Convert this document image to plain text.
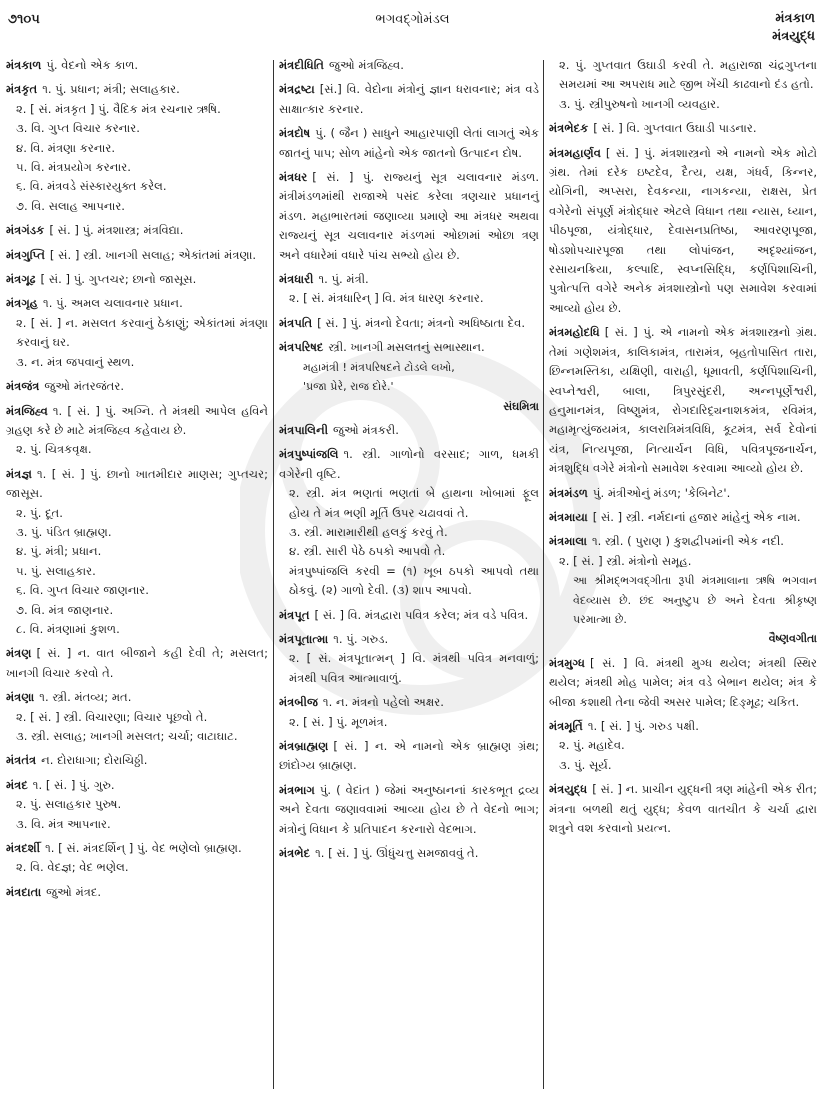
૭૧૦૫	ભગવદ્ગોમંડલ	મંત્રકાળ
મંત્રયુદ્ધ
મંત્રકાળ પું. વેદનો એક કાળ.
મંત્રકૃત ૧. પું. પ્રધાન; મંત્રી; સલાહકાર.
૨. [ સં. મંત્રકૃત ] પું. વૈદિક મંત્ર રચનાર ઋષિ.
૩. વિ. ગુપ્ત વિચાર કરનાર.
૪. વિ. મંત્રણા કરનાર.
૫. વિ. મંત્રપ્રયોગ કરનાર.
૬. વિ. મંત્રવડે સંસ્કારયુક્ત કરેલ.
૭. વિ. સલાહ આપનાર.
મંત્રગંડક [ સં. ] પું. મંત્રશાસ્ત્ર; મંત્રવિદ્યા.
મંત્રગુપ્તિ [ સં. ] સ્ત્રી. ખાનગી સલાહ; એકાંતમાં મંત્રણા.
મંત્રગૂઢ [ સં. ] પું. ગુપ્તચર; છાનો જાસૂસ.
મંત્રગૃહ ૧. પું. અમલ ચલાવનાર પ્રધાન.
૨. [ સં. ] ન. મસલત કરવાનું ઠેકાણું; એકાંતમાં મંત્રણા કરવાનું ઘર.
૩. ન. મંત્ર જપવાનું સ્થળ.
મંત્રજંત્ર જુઓ મંતરજંતર.
મંત્રજિહ્વ ૧. [ સં. ] પું. અગ્નિ. તે મંત્રથી આપેલ હવિને ગ્રહણ કરે છે માટે મંત્રજિહ્વ કહેવાય છે.
૨. પું. ચિત્રકવૃક્ષ.
મંત્રજ્ઞ ૧. [ સં. ] પું. છાનો ખાતમીદાર માણસ; ગુપ્તચર; જાસૂસ.
૨. પું. દૂત.
૩. પું. પંડિત બ્રાહ્મણ.
૪. પું. મંત્રી; પ્રધાન.
૫. પું. સલાહકાર.
૬. વિ. ગુપ્ત વિચાર જાણનાર.
૭. વિ. મંત્ર જાણનાર.
૮. વિ. મંત્રણામાં કુશળ.
મંત્રણ [ સં. ] ન. વાત બીજાને કહી દેવી તે; મસલત; ખાનગી વિચાર કરવો તે.
મંત્રણા ૧. સ્ત્રી. મંતવ્ય; મત.
૨. [ સં. ] સ્ત્રી. વિચારણા; વિચાર પૂછવો તે.
૩. સ્ત્રી. સલાહ; ખાનગી મસલત; ચર્ચા; વાટાઘાટ.
મંત્રતંત્ર ન. દોરાધાગા; દોરાચિઠ્ઠી.
મંત્રદ ૧. [ સં. ] પું. ગુરુ.
૨. પું. સલાહકાર પુરુષ.
૩. વિ. મંત્ર આપનાર.
મંત્રદર્શી ૧. [ સં. મંત્રદર્શિન્ ] પું. વેદ ભણેલો બ્રાહ્મણ.
૨. વિ. વેદજ્ઞ; વેદ ભણેલ.
મંત્રદાતા જુઓ મંત્રદ.
મંત્રદીધિતિ જુઓ મંત્રજિહ્વ.
મંત્રદ્રષ્ટા [સં.] વિ. વેદોના મંત્રોનું જ્ઞાન ધરાવનાર; મંત્ર વડે સાક્ષાત્કાર કરનાર.
મંત્રદોષ પું. ( જૈન ) સાધુને આહારપાણી લેતાં લાગતું એક જાતનું પાપ; સોળ માંહેનો એક જાતનો ઉત્પાદન દોષ.
મંત્રધર [ સં. ] પું. રાજ્યનું સૂત્ર ચલાવનાર મંડળ. મંત્રીમંડળમાંથી રાજાએ પસંદ કરેલા ત્રણચાર પ્રધાનનું મંડળ. મહાભારતમાં જણાવ્યા પ્રમાણે આ મંત્રધર અથવા રાજ્યનું સૂત્ર ચલાવનાર મંડળમાં ઓછામાં ઓછા ત્રણ અને વધારેમાં વધારે પાંચ સભ્યો હોય છે.
મંત્રધારી ૧. પું. મંત્રી.
૨. [ સં. મંત્રધારિન્ ] વિ. મંત્ર ધારણ કરનાર.
મંત્રપતિ [ સં. ] પું. મંત્રનો દેવતા; મંત્રનો અધિષ્ઠાતા દેવ.
મંત્રપરિષદ સ્ત્રી. ખાનગી મસલતનું સભાસ્થાન.
મહામંત્રી ! મંત્રપરિષદને ટોડલે લખો,
'પ્રજા પ્રેરે, રાજ દોરે.'
સંઘમિત્રા
મંત્રપાલિની જુઓ મંત્રકરી.
મંત્રપુષ્પાંજલિ ૧. સ્ત્રી. ગાળોનો વરસાદ; ગાળ, ધમકી વગેરેની વૃષ્ટિ.
૨. સ્ત્રી. મંત્ર ભણતાં ભણતાં બે હાથના ખોબામાં ફૂલ હોય તે મંત્ર ભણી મૂર્તિ ઉપર ચઢાવવાં તે.
૩. સ્ત્રી. મારામારીથી હલકું કરવું તે.
૪. સ્ત્રી. સારી પેઠે ઠપકો આપવો તે.
મંત્રપુષ્પાંજલિ કરવી = (૧) ખૂબ ઠપકો આપવો તથા ઠોકવું. (૨) ગાળો દેવી. (૩) શાપ આપવો.
મંત્રપૂત [ સં. ] વિ. મંત્રદ્વારા પવિત્ર કરેલ; મંત્ર વડે પવિત્ર.
મંત્રપૂતાત્મા ૧. પું. ગરુડ.
૨. [ સં. મંત્રપૂતાત્મન્ ] વિ. મંત્રથી પવિત્ર મનવાળું; મંત્રથી પવિત્ર આત્માવાળું.
મંત્રબીજ ૧. ન. મંત્રનો પહેલો અક્ષર.
૨. [ સં. ] પું. મૂળમંત્ર.
મંત્રબ્રાહ્મણ [ સં. ] ન. એ નામનો એક બ્રાહ્મણ ગ્રંથ; છાંદોગ્ય બ્રાહ્મણ.
મંત્રભાગ પું. ( વેદાંત ) જેમાં અનુષ્ઠાનનાં કારકભૂત દ્રવ્ય અને દેવતા જણાવવામાં આવ્યા હોય છે તે વેદનો ભાગ; મંત્રોનું વિધાન કે પ્રતિપાદન કરનારો વેદભાગ.
મંત્રભેદ ૧. [ સં. ] પું. ઊંધુંચત્તુ સમજાવવું તે.
૨. પું. ગુપ્તવાત ઉઘાડી કરવી તે. મહારાજા ચંદ્રગુપ્તના સમયમાં આ અપરાધ માટે જીભ ખેંચી કાઢવાનો દંડ હતો.
૩. પું. સ્ત્રીપુરુષનો ખાનગી વ્યવહાર.
મંત્રભેદક [ સં. ] વિ. ગુપ્તવાત ઉઘાડી પાડનાર.
મંત્રમહાર્ણવ [ સં. ] પું. મંત્રશાસ્ત્રનો એ નામનો એક મોટો ગ્રંથ. તેમાં દરેક ઇષ્ટદેવ, દૈત્ય, યક્ષ, ગંધર્વ, કિન્નર, યોગિની, અપ્સરા, દેવકન્યા, નાગકન્યા, રાક્ષસ, પ્રેત વગેરેનો સંપૂર્ણ મંત્રોદ્ધાર એટલે વિધાન તથા ન્યાસ, ધ્યાન, પીઠપૂજા, યંત્રોદ્ધાર, દેવાસનપ્રતિષ્ઠા, આવરણપૂજા, ષોડશોપચારપૂજા તથા લોપાંજન, અદૃશ્યાંજન, રસાયનક્રિયા, કલ્પાદિ, સ્વપ્નસિદ્ધિ, કર્ણપિશાચિની, પુત્રોત્પત્તિ વગેરે અનેક મંત્રશાસ્ત્રોનો પણ સમાવેશ કરવામાં આવ્યો હોય છે.
મંત્રમહોદધિ [ સં. ] પું. એ નામનો એક મંત્રશાસ્ત્રનો ગ્રંથ. તેમાં ગણેશમંત્ર, કાલિકામંત્ર, તારામંત્ર, બૃહતોપાસિત તારા, છિન્નમસ્તિકા, યક્ષિણી, વારાહી, ધૂમાવતી, કર્ણપિશાચિની, સ્વપ્નેશ્વરી, બાલા, ત્રિપુરસુંદરી, અન્નપૂર્ણેશ્વરી, હનુમાનમંત્ર, વિષ્ણુમંત્ર, રોગદારિદ્ર્યનાશકમંત્ર, રવિમંત્ર, મહામૃત્યુંજયમંત્ર, કાલરાત્રિમંત્રવિધિ, કૂટમંત્ર, સર્વ દેવોનાં યંત્ર, નિત્યપૂજા, નિત્યાર્ચન વિધિ, પવિત્રપૂજનાર્ચન, મંત્રશુદ્ધિ વગેરે મંત્રોનો સમાવેશ કરવામા આવ્યો હોય છે.
મંત્રમંડળ પું. મંત્રીઓનું મંડળ; 'કેબિનેટ'.
મંત્રમાયા [ સં. ] સ્ત્રી. નર્મદાનાં હજાર માંહેનું એક નામ.
મંત્રમાલા ૧. સ્ત્રી. ( પુરાણ ) કુશદ્વીપમાંની એક નદી.
૨. [ સં. ] સ્ત્રી. મંત્રોનો સમૂહ.
આ શ્રીમદ્ભગવદ્ગીતા રૂપી મંત્રમાલાના ઋષિ ભગવાન વેદવ્યાસ છે. છંદ અનુષ્ટુપ છે અને દેવતા શ્રીકૃષ્ણ પરમાત્મા છે.
વૈષ્ણવગીતા
મંત્રમુગ્ધ [ સં. ] વિ. મંત્રથી મુગ્ધ થયેલ; મંત્રથી સ્થિર થયેલ; મંત્રથી મોહ પામેલ; મંત્ર વડે બેભાન થયેલ; મંત્ર કે બીજા કશાથી તેના જેવી અસર પામેલ; દિઙ્મૂઢ; ચકિત.
મંત્રમૂર્તિ ૧. [ સં. ] પું. ગરુડ પક્ષી.
૨. પું. મહાદેવ.
૩. પું. સૂર્ય.
મંત્રયુદ્ધ [ સં. ] ન. પ્રાચીન યુદ્ધની ત્રણ માંહેની એક રીત; મંત્રના બળથી થતું યુદ્ધ; કેવળ વાતચીત કે ચર્ચા દ્વારા શત્રુને વશ કરવાનો પ્રયત્ન.
